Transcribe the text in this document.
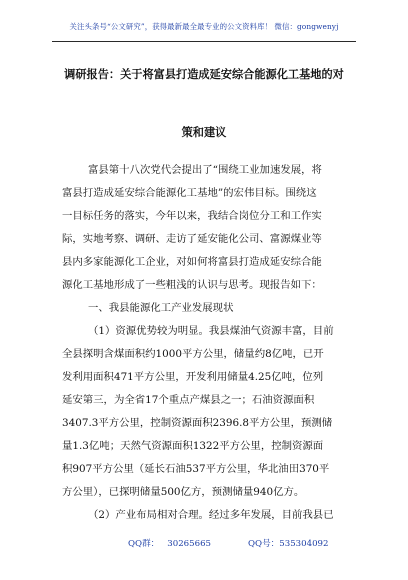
关注头条号“公文研究”，获得最新最全最专业的公文资料库！ 微信：gongwenyj
调研报告：关于将富县打造成延安综合能源化工基地的对
策和建议
富县第十八次党代会提出了“围绕工业加速发展，将
富县打造成延安综合能源化工基地”的宏伟目标。围绕这
一目标任务的落实，今年以来，我结合岗位分工和工作实
际，实地考察、调研、走访了延安能化公司、富源煤业等
县内多家能源化工企业，对如何将富县打造成延安综合能
源化工基地形成了一些粗浅的认识与思考。现报告如下：
一、我县能源化工产业发展现状
（1）资源优势较为明显。我县煤油气资源丰富，目前
全县探明含煤面积约1000平方公里，储量约8亿吨，已开
发利用面积471平方公里，开发利用储量4.25亿吨，位列
延安第三，为全省17个重点产煤县之一；石油资源面积
3407.3平方公里，控制资源面积2396.8平方公里，预测储
量1.3亿吨；天然气资源面积1322平方公里，控制资源面
积907平方公里（延长石油537平方公里，华北油田370平
方公里），已探明储量500亿方，预测储量940亿方。
（2）产业布局相对合理。经过多年发展，目前我县已
QQ群： 30265665	QQ号：535304092
